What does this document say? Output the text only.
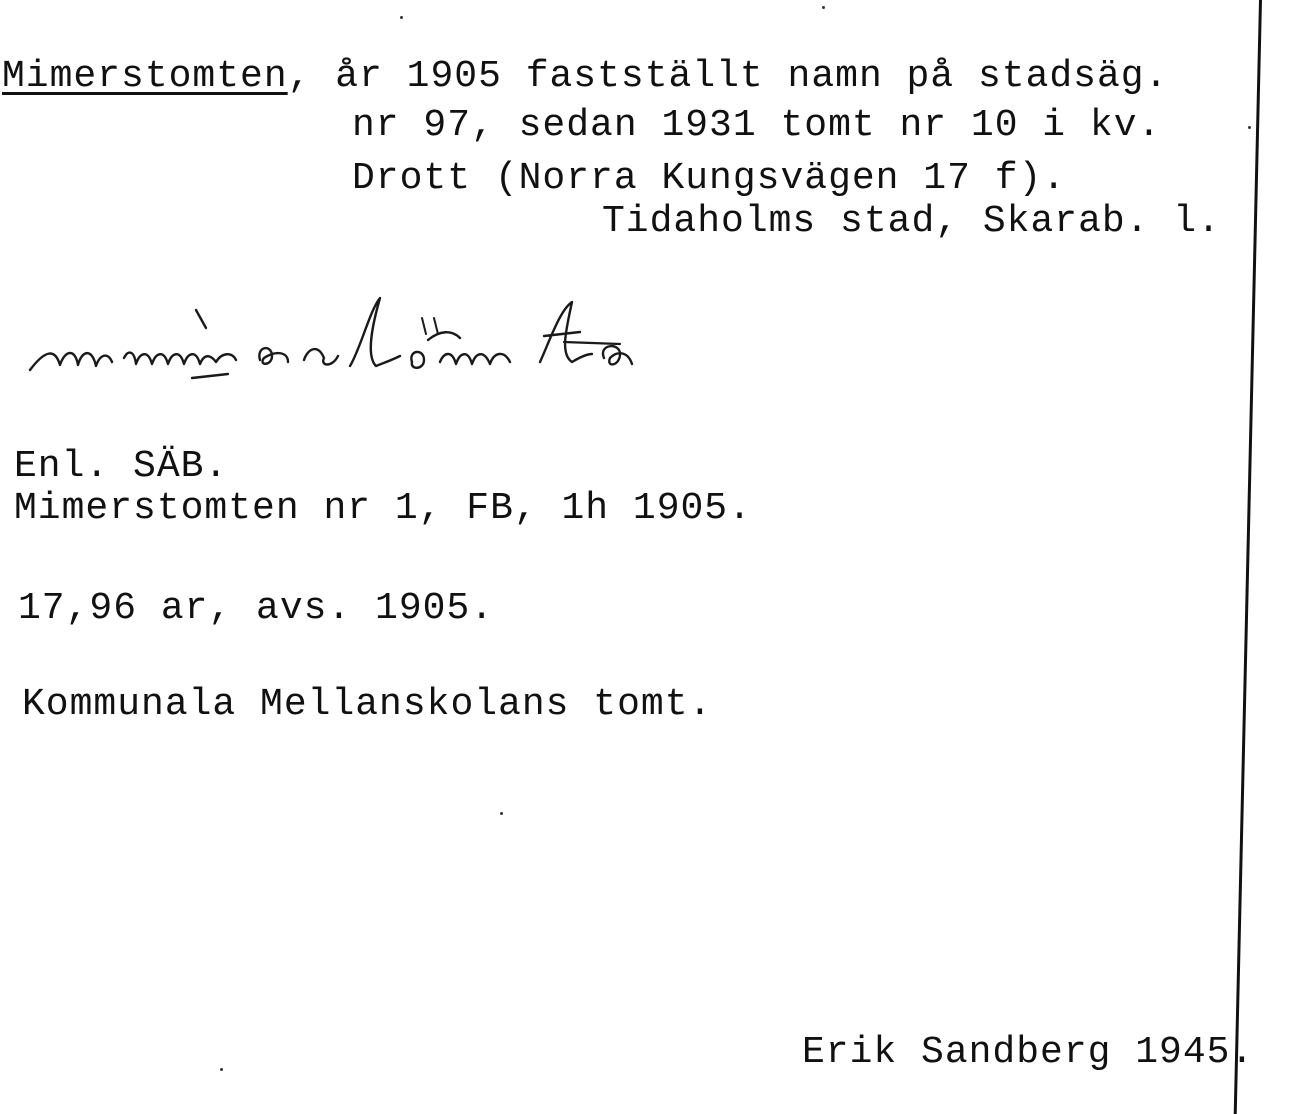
Mimerstomten, år 1905 fastställt namn på stadsäg.
nr 97, sedan 1931 tomt nr 10 i kv.
Drott (Norra Kungsvägen 17 f).
Tidaholms stad, Skarab. l.
mimmerstömmta
Enl. SÄB.
Mimerstomten nr 1, FB, 1h 1905.
17,96 ar, avs. 1905.
Kommunala Mellanskolans tomt.
Erik Sandberg 1945.
